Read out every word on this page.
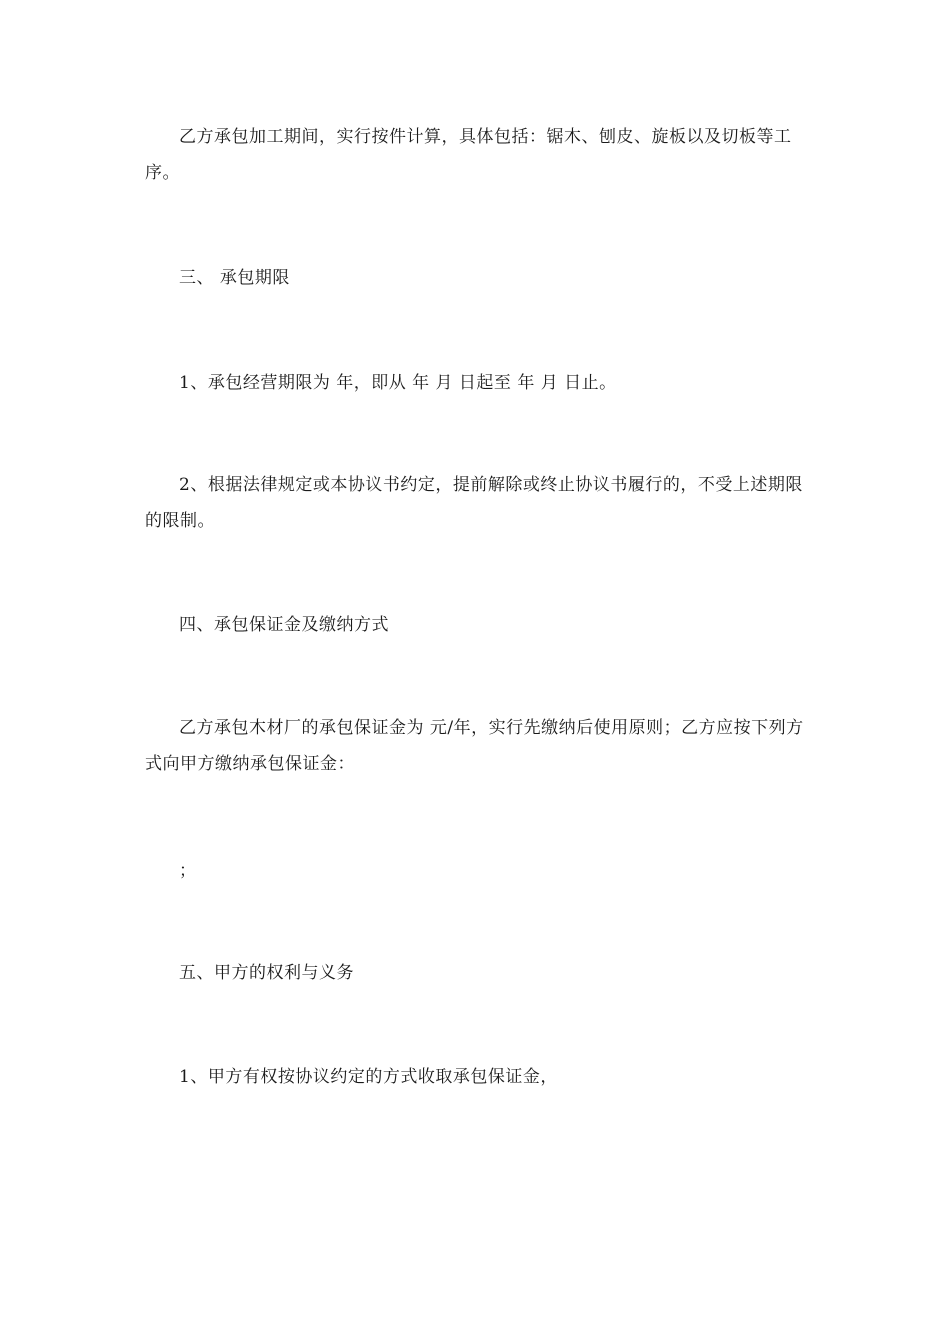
乙方承包加工期间，实行按件计算，具体包括：锯木、刨皮、旋板以及切板等工序。

三、 承包期限

1、承包经营期限为 年，即从 年 月 日起至 年 月 日止。

2、根据法律规定或本协议书约定，提前解除或终止协议书履行的，不受上述期限的限制。

四、承包保证金及缴纳方式

乙方承包木材厂的承包保证金为 元/年，实行先缴纳后使用原则；乙方应按下列方式向甲方缴纳承包保证金：

；

五、甲方的权利与义务

1、甲方有权按协议约定的方式收取承包保证金，
